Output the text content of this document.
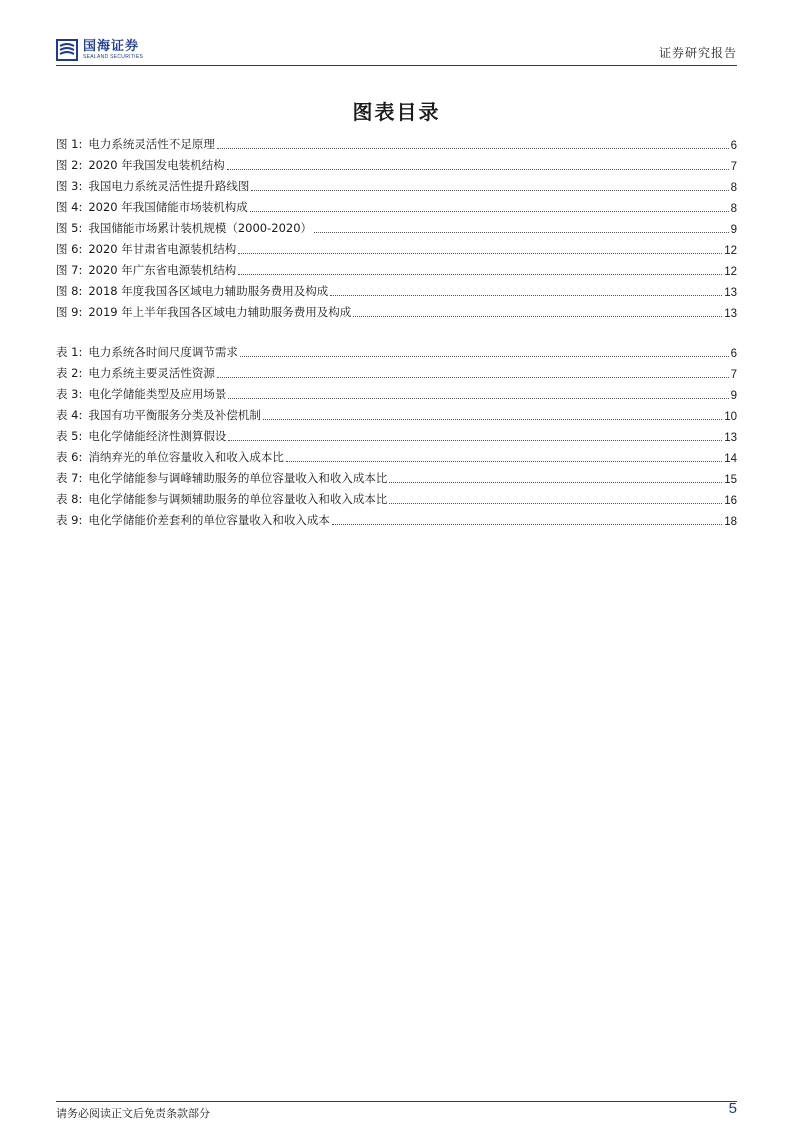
国海证券
SEALAND SECURITIES	证券研究报告
图表目录
图 1: 电力系统灵活性不足原理	6
图 2: 2020 年我国发电装机结构	7
图 3: 我国电力系统灵活性提升路线图	8
图 4: 2020 年我国储能市场装机构成	8
图 5: 我国储能市场累计装机规模（2000-2020）	9
图 6: 2020 年甘肃省电源装机结构	12
图 7: 2020 年广东省电源装机结构	12
图 8: 2018 年度我国各区域电力辅助服务费用及构成	13
图 9: 2019 年上半年我国各区域电力辅助服务费用及构成	13
表 1: 电力系统各时间尺度调节需求	6
表 2: 电力系统主要灵活性资源	7
表 3: 电化学储能类型及应用场景	9
表 4: 我国有功平衡服务分类及补偿机制	10
表 5: 电化学储能经济性测算假设	13
表 6: 消纳弃光的单位容量收入和收入成本比	14
表 7: 电化学储能参与调峰辅助服务的单位容量收入和收入成本比	15
表 8: 电化学储能参与调频辅助服务的单位容量收入和收入成本比	16
表 9: 电化学储能价差套利的单位容量收入和收入成本	18
请务必阅读正文后免责条款部分	5
